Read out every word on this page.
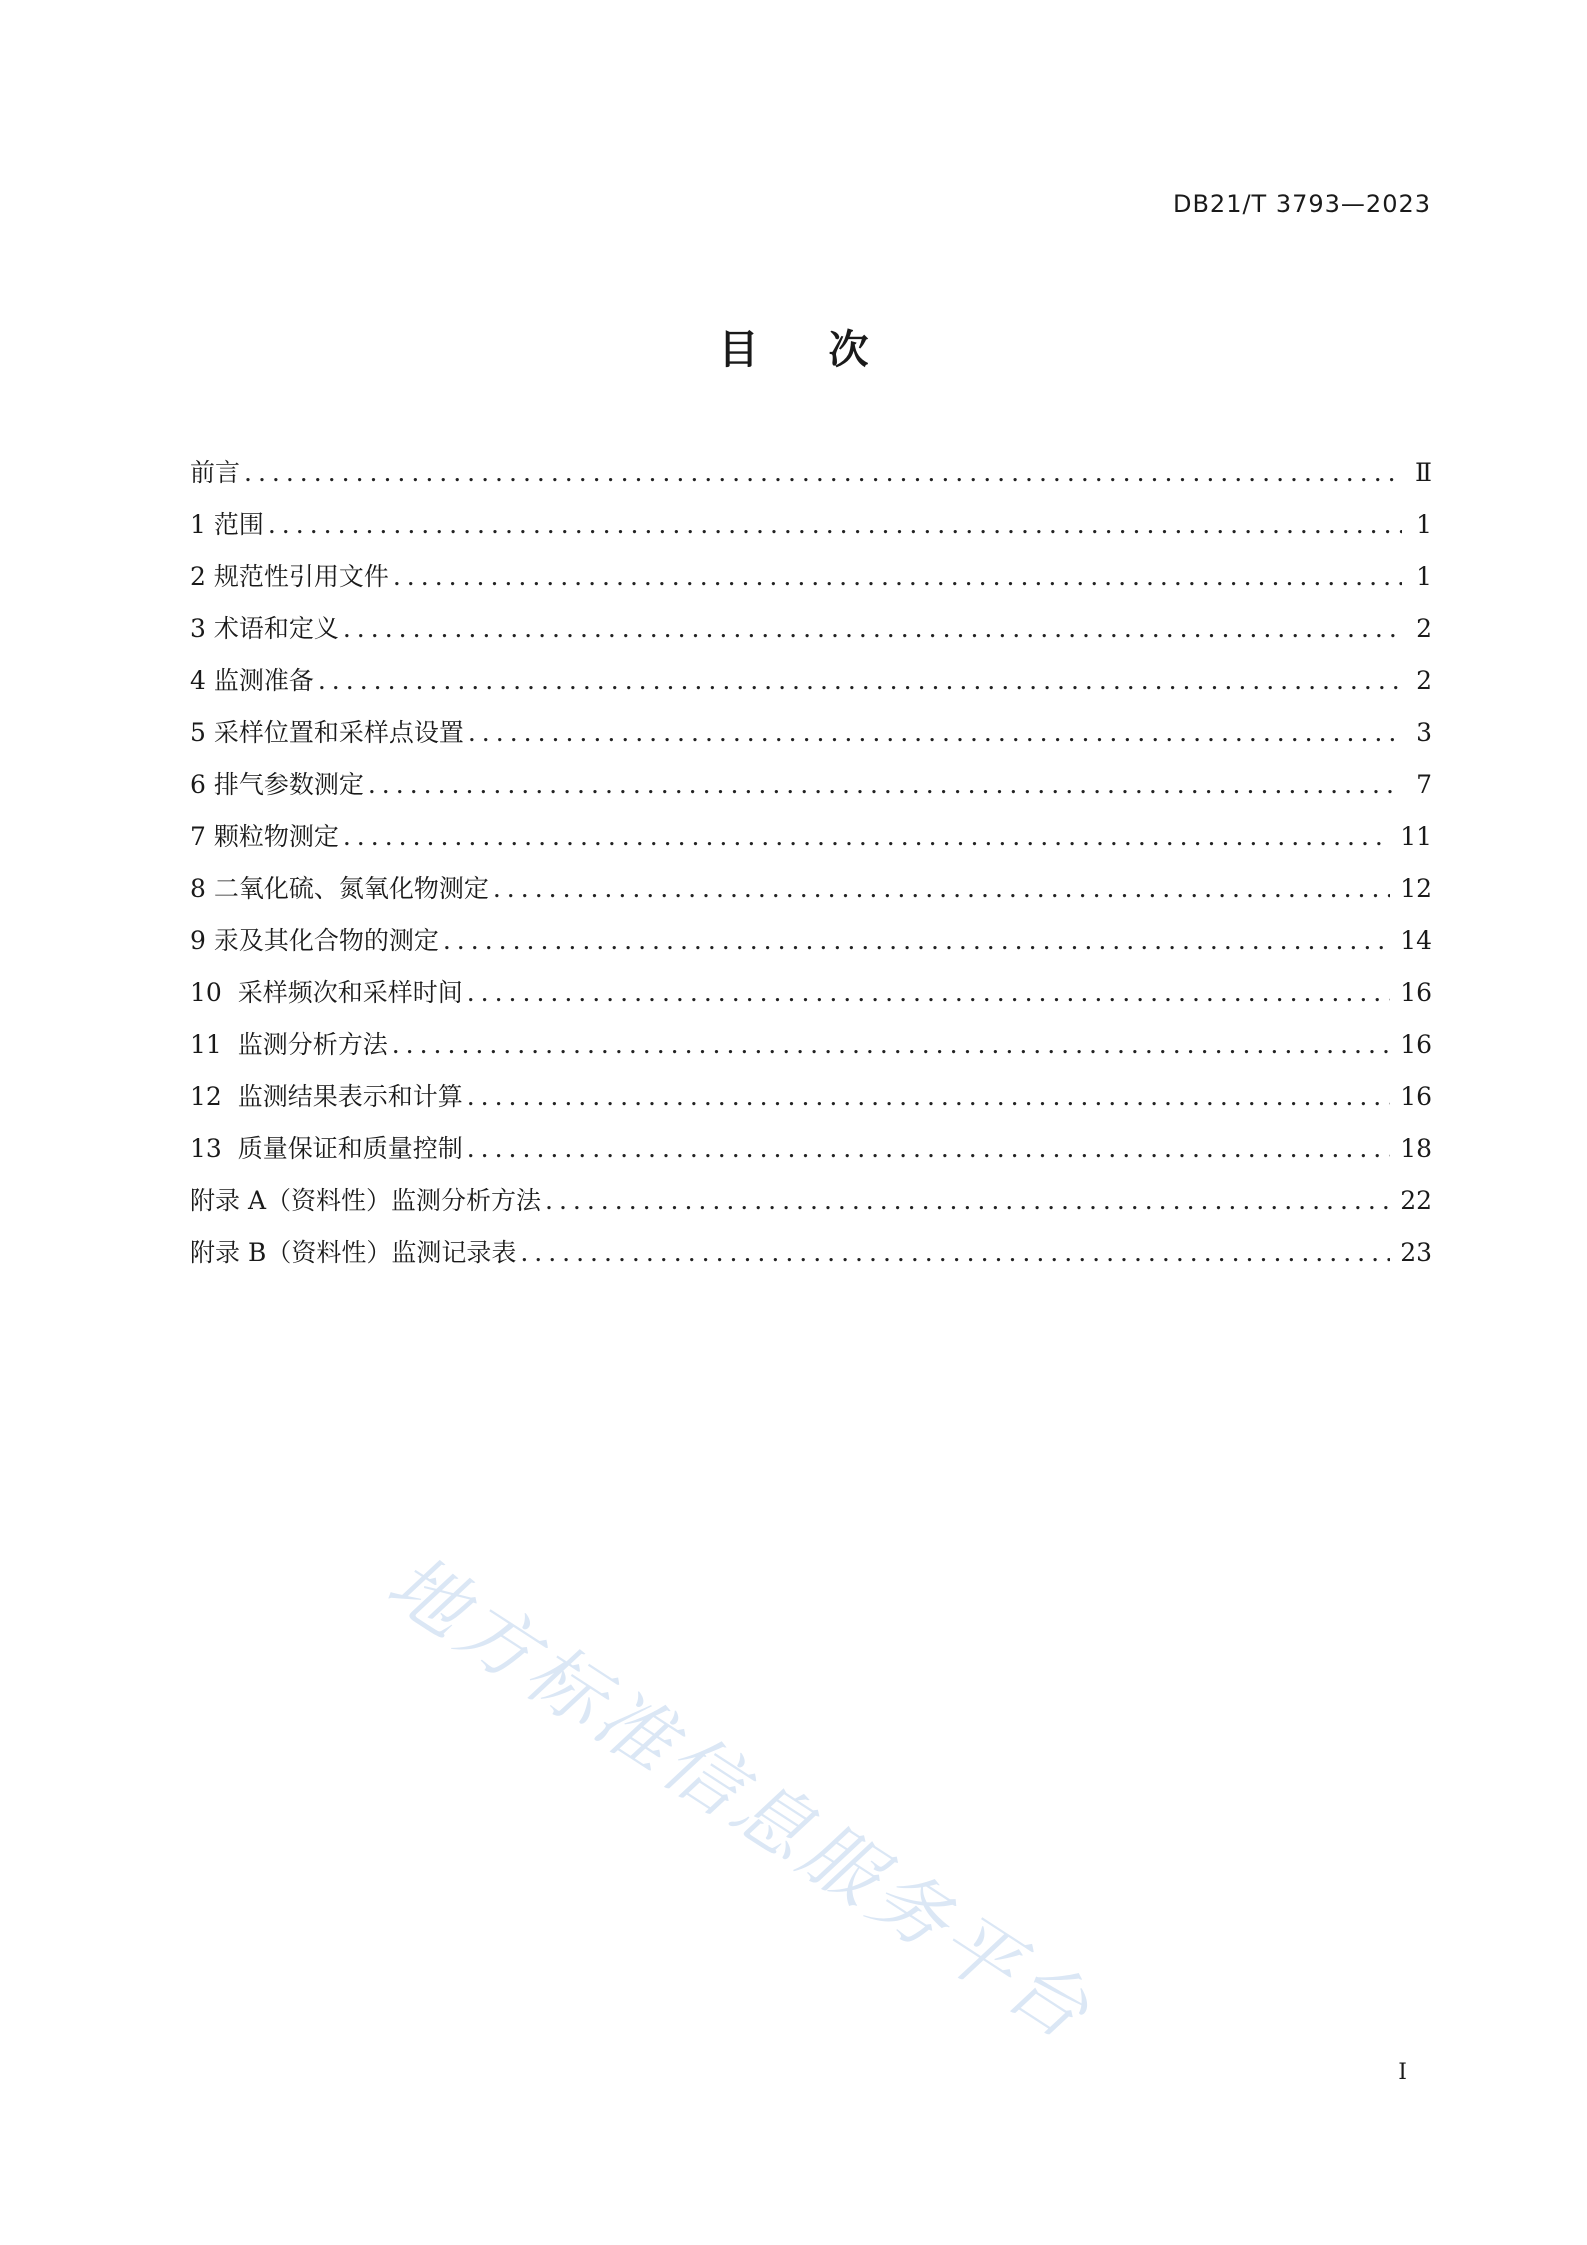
DB21/T 3793—2023
目次
前言 .....	Ⅱ
1 范围 .....	1
2 规范性引用文件 .....	1
3 术语和定义 .....	2
4 监测准备 .....	2
5 采样位置和采样点设置 .....	3
6 排气参数测定 .....	7
7 颗粒物测定 .....	11
8 二氧化硫、氮氧化物测定 .....	12
9 汞及其化合物的测定 .....	14
10  采样频次和采样时间 .....	16
11  监测分析方法 .....	16
12  监测结果表示和计算 .....	16
13  质量保证和质量控制 .....	18
附录 A（资料性）监测分析方法 .....	22
附录 B（资料性）监测记录表 .....	23
地方标准信息服务平台
I
